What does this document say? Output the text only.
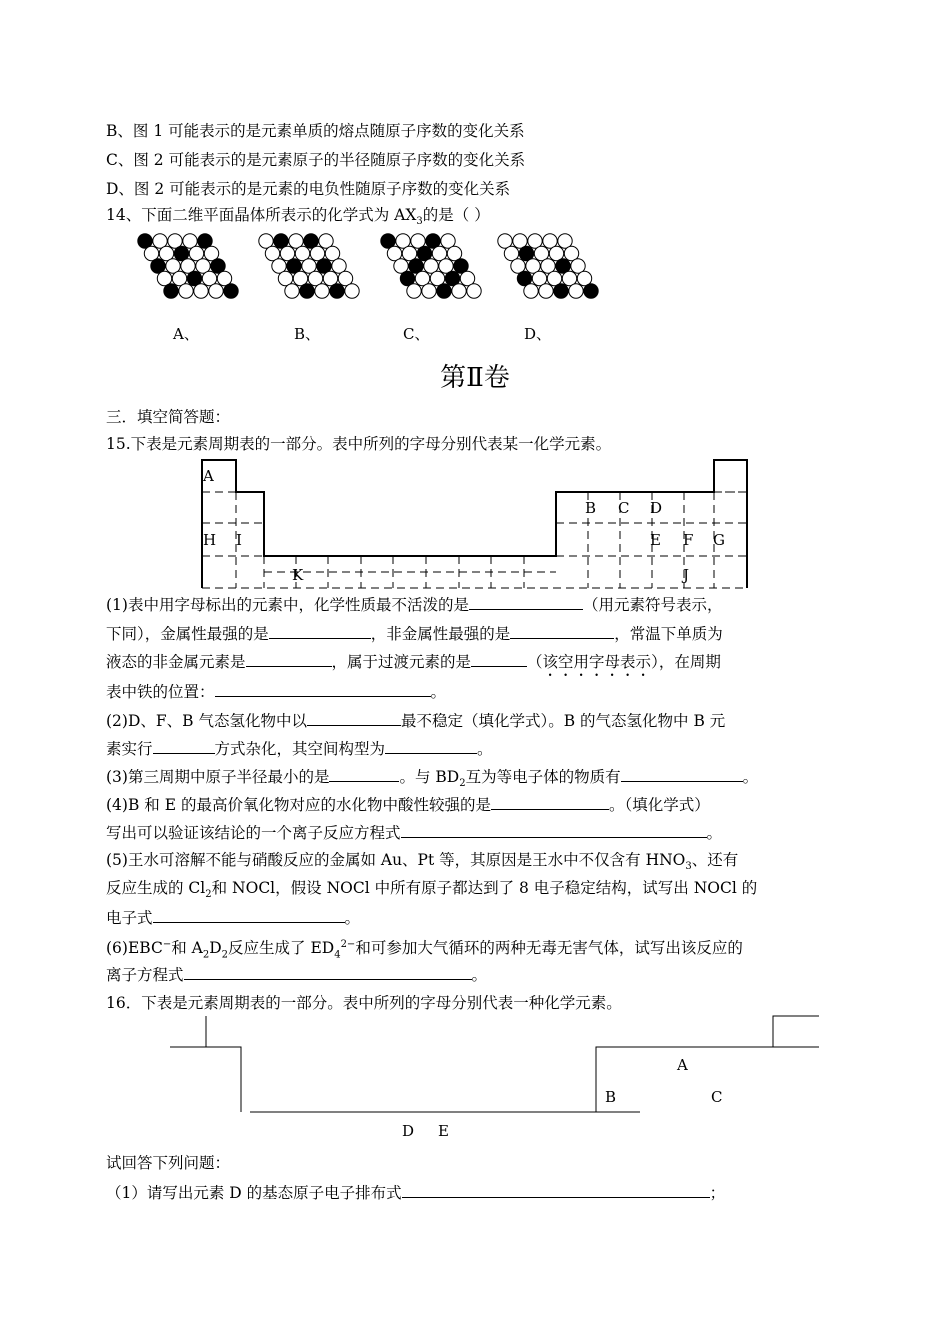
B、图 1 可能表示的是元素单质的熔点随原子序数的变化关系
C、图 2 可能表示的是元素原子的半径随原子序数的变化关系
D、图 2 可能表示的是元素的电负性随原子序数的变化关系
14、下面二维平面晶体所表示的化学式为 $AX_3$的是（ ）
A、	B、	C、	D、
第Ⅱ卷
三．填空简答题：
15.下表是元素周期表的一部分。表中所列的字母分别代表某一化学元素。
A
B C D
H I	E F G
K	J
(1)表中用字母标出的元素中，化学性质最不活泼的是	（用元素符号表示，
下同），金属性最强的是	，非金属性最强的是	，常温下单质为
液态的非金属元素是	，属于过渡元素的是	（该空用字母表示），在周期
表中铁的位置：	。
(2)D、F、B 气态氢化物中以	最不稳定（填化学式）。B 的气态氢化物中 B 元
素实行	方式杂化，其空间构型为	。
(3)第三周期中原子半径最小的是	。与 $BD_2$互为等电子体的物质有	。
(4)B 和 E 的最高价氧化物对应的水化物中酸性较强的是	。（填化学式）
写出可以验证该结论的一个离子反应方程式	。
(5)王水可溶解不能与硝酸反应的金属如 Au、Pt 等，其原因是王水中不仅含有 $HNO_3$、还有
反应生成的 $Cl_2$和 NOCl，假设 NOCl 中所有原子都达到了 8 电子稳定结构，试写出 NOCl 的
电子式	。
(6)EBC−和 $A_2D_2$反应生成了 $ED_4^{2-}$和可参加大气循环的两种无毒无害气体，试写出该反应的
离子方程式	。
16．下表是元素周期表的一部分。表中所列的字母分别代表一种化学元素。
A
B	C
D E
试回答下列问题：
（1）请写出元素 D 的基态原子电子排布式	；
